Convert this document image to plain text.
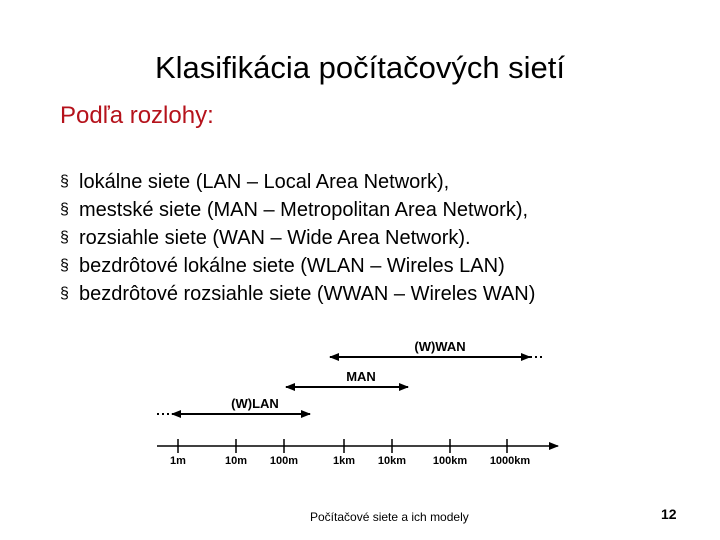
Klasifikácia počítačových sietí
Podľa rozlohy:
§ lokálne siete (LAN – Local Area Network),
§ mestské siete (MAN – Metropolitan Area Network),
§ rozsiahle siete (WAN – Wide Area Network).
§ bezdrôtové lokálne siete (WLAN – Wireles LAN)
§ bezdrôtové rozsiahle siete (WWAN – Wireles WAN)
(W)WAN
MAN
(W)LAN
1m	10m 100m	1km 10km 100km 1000km
Počítačové siete a ich modely	12
